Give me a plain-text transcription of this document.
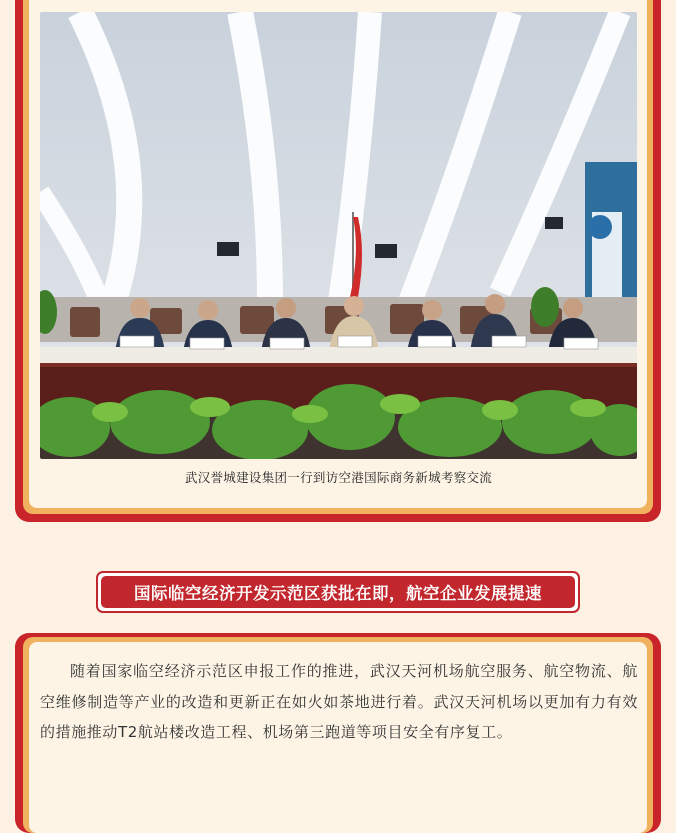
武汉誉城建设集团一行到访空港国际商务新城考察交流
国际临空经济开发示范区获批在即，航空企业发展提速

随着国家临空经济示范区申报工作的推进，武汉天河机场航空服务、航空物流、航空维修制造等产业的改造和更新正在如火如茶地进行着。武汉天河机场以更加有力有效的措施推动T2航站楼改造工程、机场第三跑道等项目安全有序复工。
